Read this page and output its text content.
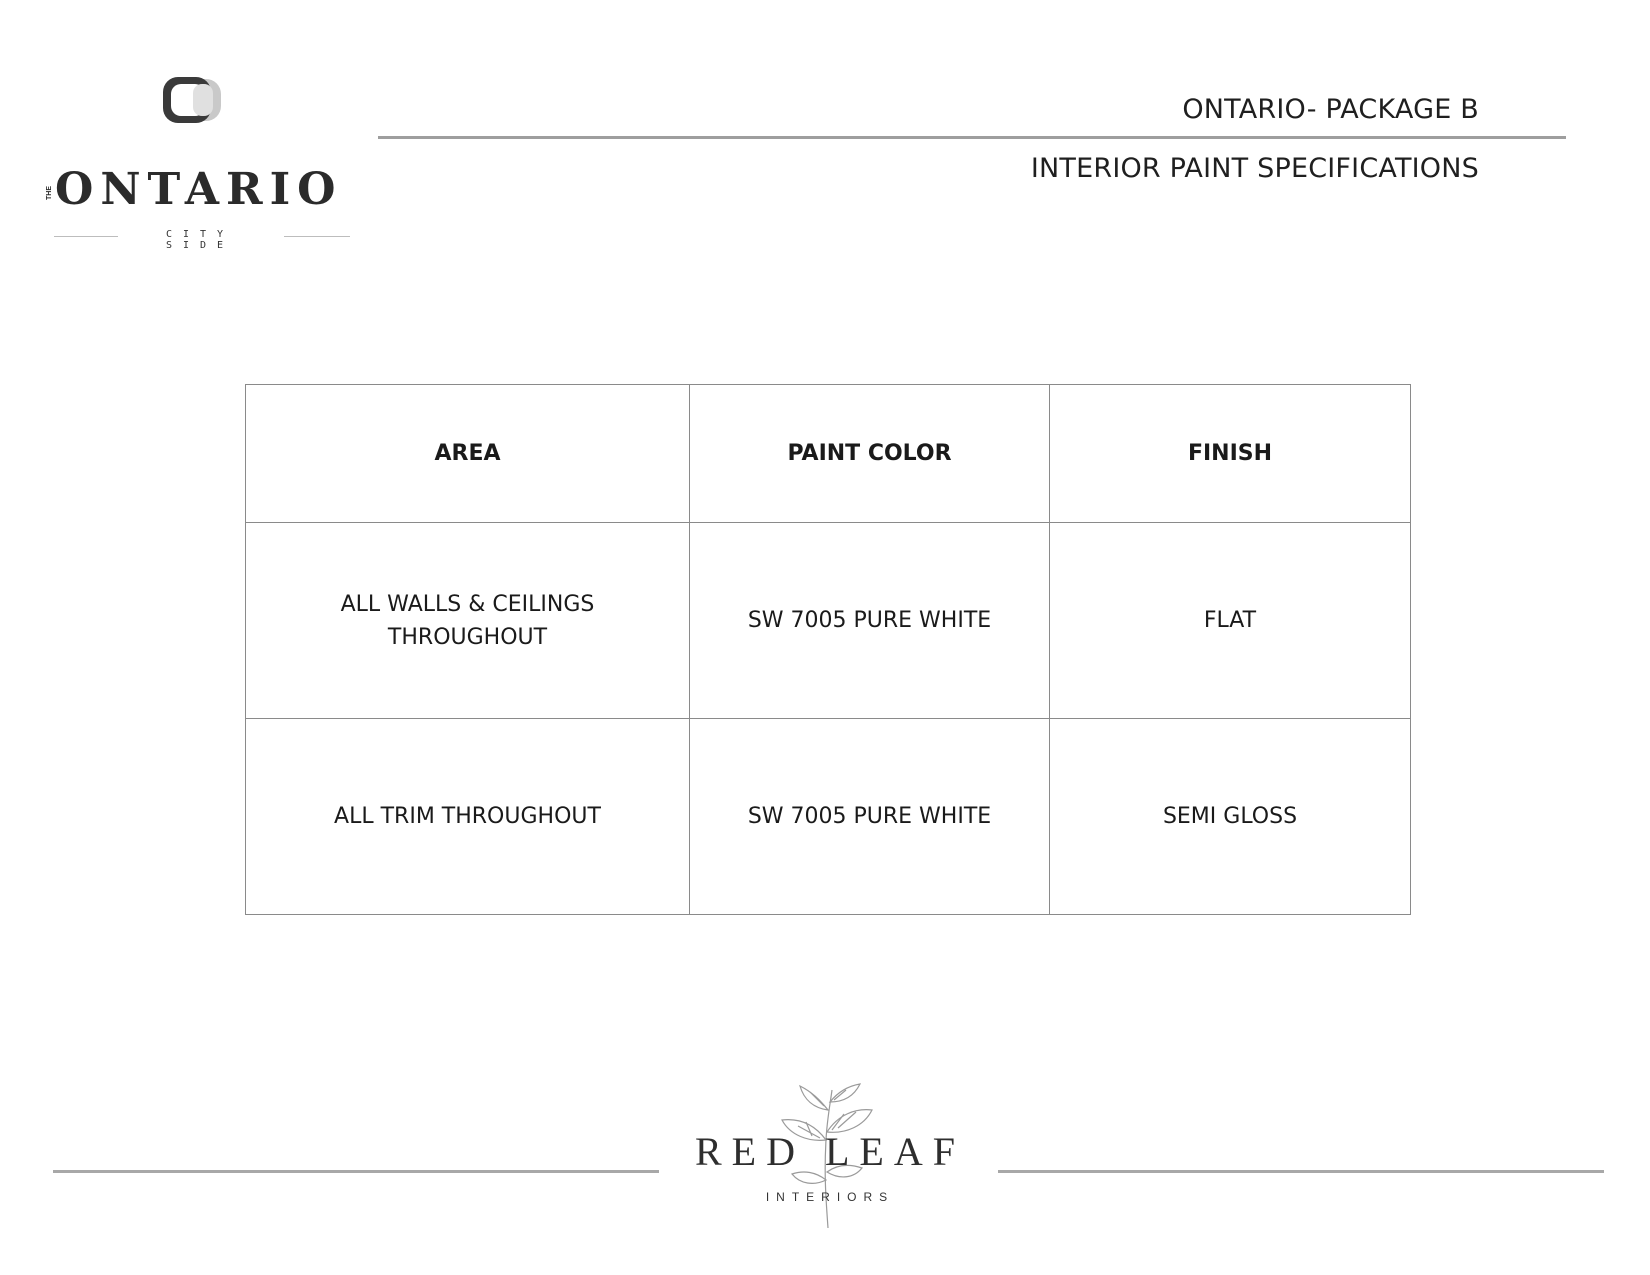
THEONTARIO
CITY SIDE
ONTARIO- PACKAGE B
INTERIOR PAINT SPECIFICATIONS
AREA	PAINT COLOR	FINISH
ALL WALLS & CEILINGS
THROUGHOUT	SW 7005 PURE WHITE	FLAT
ALL TRIM THROUGHOUT	SW 7005 PURE WHITE	SEMI GLOSS
RED LEAF
INTERIORS
